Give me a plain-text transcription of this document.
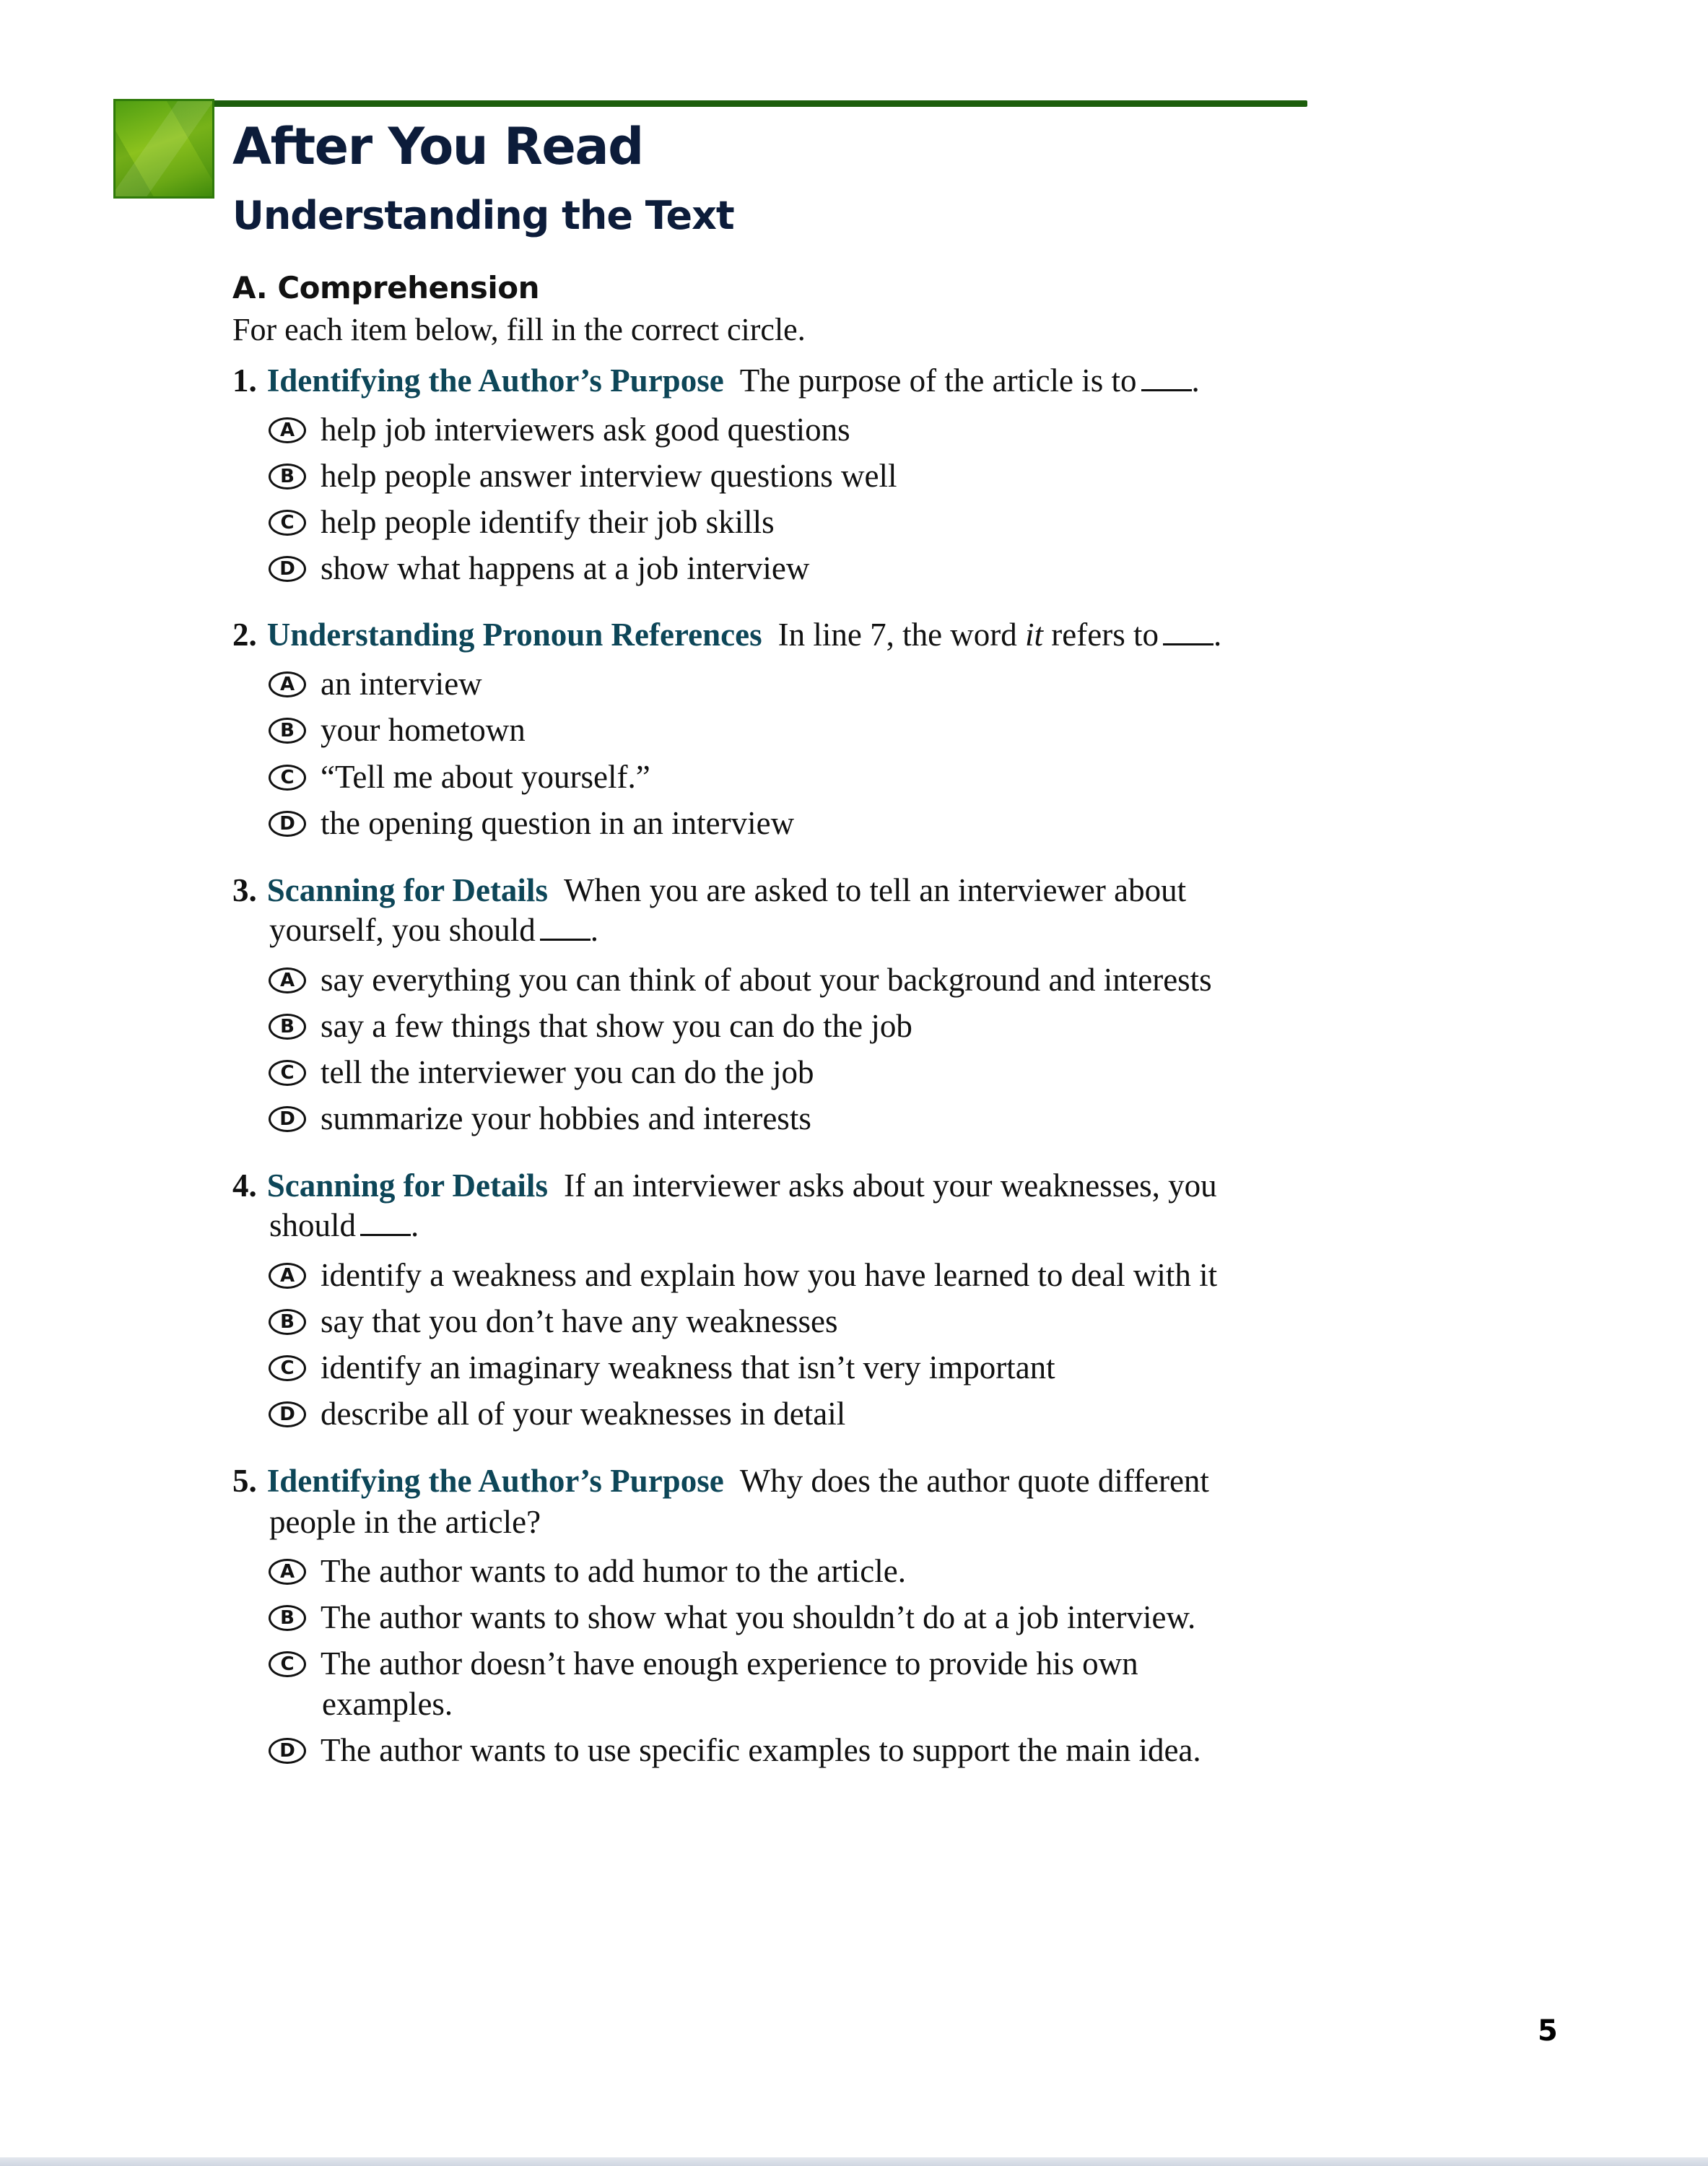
After You Read
Understanding the Text
A. Comprehension
For each item below, fill in the correct circle.
1. Identifying the Author’s Purpose The purpose of the article is to .
A help job interviewers ask good questions
B help people answer interview questions well
C help people identify their job skills
D show what happens at a job interview
2. Understanding Pronoun References In line 7, the word it refers to .
A an interview
B your hometown
C “Tell me about yourself.”
D the opening question in an interview
3. Scanning for Details When you are asked to tell an interviewer about
yourself, you should .
A say everything you can think of about your background and interests
B say a few things that show you can do the job
C tell the interviewer you can do the job
D summarize your hobbies and interests
4. Scanning for Details If an interviewer asks about your weaknesses, you
should .
A identify a weakness and explain how you have learned to deal with it
B say that you don’t have any weaknesses
C identify an imaginary weakness that isn’t very important
D describe all of your weaknesses in detail
5. Identifying the Author’s Purpose Why does the author quote different
people in the article?
A The author wants to add humor to the article.
B The author wants to show what you shouldn’t do at a job interview.
C The author doesn’t have enough experience to provide his own
examples.
D The author wants to use specific examples to support the main idea.
5
